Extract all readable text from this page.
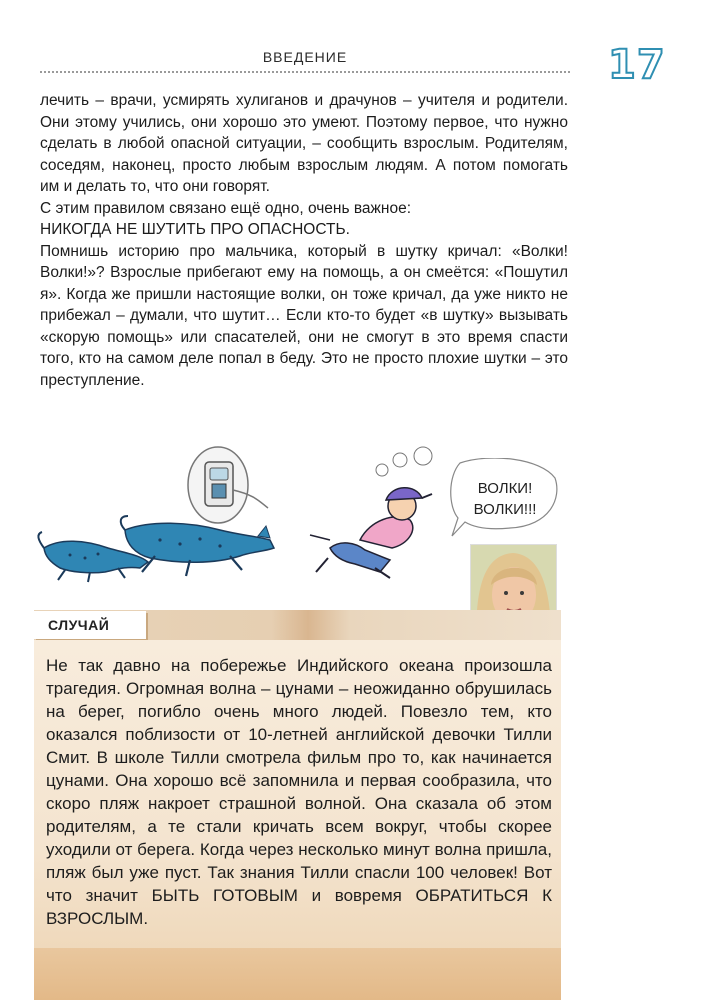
ВВЕДЕНИЕ	17

лечить – врачи, усмирять хулиганов и драчунов – учителя и родители. Они этому учились, они хорошо это умеют. Поэтому первое, что нужно сделать в любой опасной ситуации, – сообщить взрослым. Родителям, соседям, наконец, просто любым взрослым людям. А потом помогать им и делать то, что они говорят.

С этим правилом связано ещё одно, очень важное:

НИКОГДА НЕ ШУТИТЬ ПРО ОПАСНОСТЬ.

Помнишь историю про мальчика, который в шутку кричал: «Волки! Волки!»? Взрослые прибегают ему на помощь, а он смеётся: «Пошутил я». Когда же пришли настоящие волки, он тоже кричал, да уже никто не прибежал – думали, что шутит… Если кто-то будет «в шутку» вызывать «скорую помощь» или спасателей, они не смогут в это время спасти того, кто на самом деле попал в беду. Это не просто плохие шутки – это преступление.

ВОЛКИ!
ВОЛКИ!!!
СЛУЧАЙ

Не так давно на побережье Индийского океана произошла трагедия. Огромная волна – цунами – неожиданно обрушилась на берег, погибло очень много людей. Повезло тем, кто оказался поблизости от 10-летней английской девочки Тилли Смит. В школе Тилли смотрела фильм про то, как начинается цунами. Она хорошо всё запомнила и первая сообразила, что скоро пляж накроет страшной волной. Она сказала об этом родителям, а те стали кричать всем вокруг, чтобы скорее уходили от берега. Когда через несколько минут волна пришла, пляж был уже пуст. Так знания Тилли спасли 100 человек! Вот что значит БЫТЬ ГОТОВЫМ и вовремя ОБРАТИТЬСЯ К ВЗРОСЛЫМ.
